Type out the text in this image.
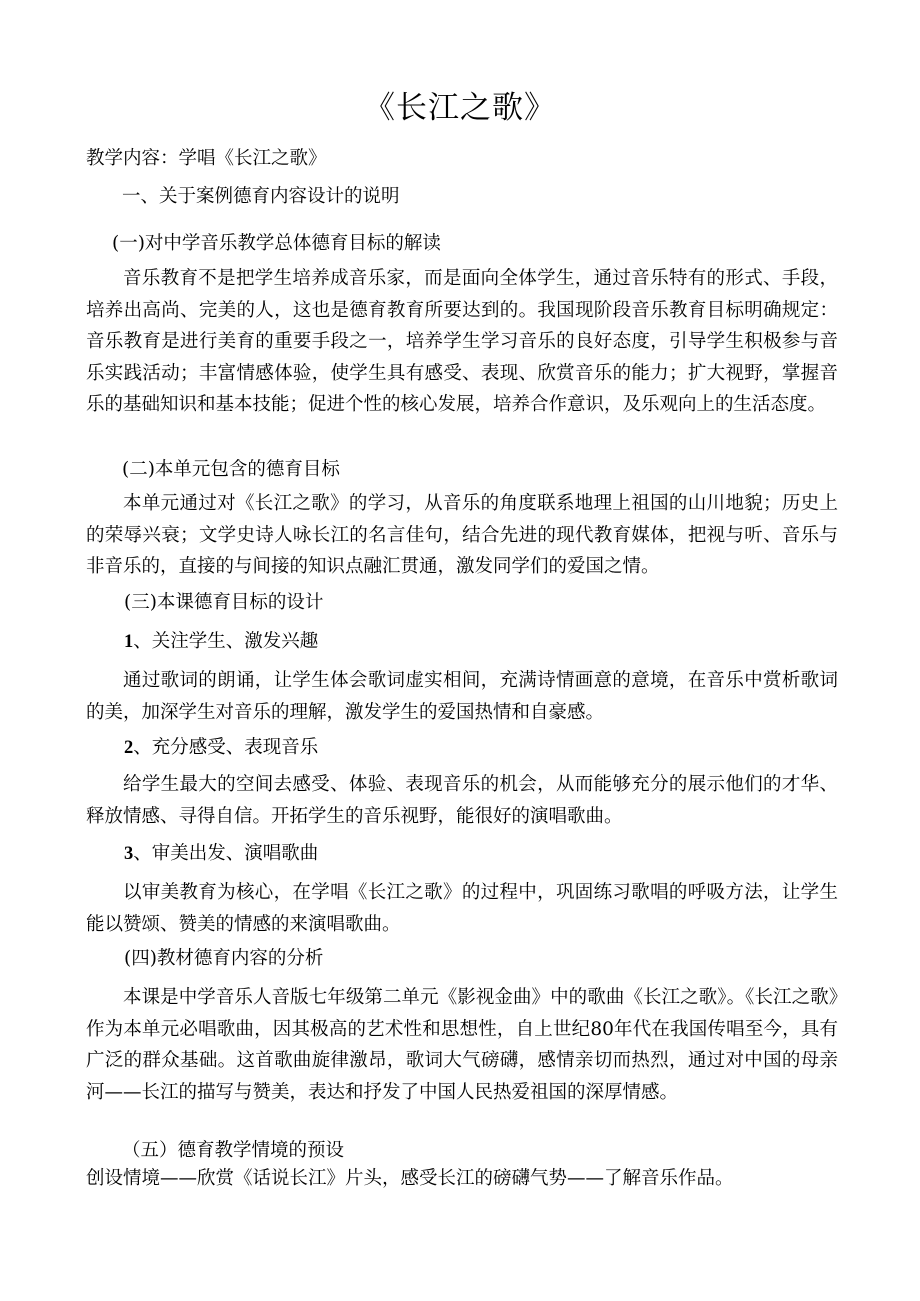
《长江之歌》
教学内容：学唱《长江之歌》
一、关于案例德育内容设计的说明
(一)对中学音乐教学总体德育目标的解读
音乐教育不是把学生培养成音乐家，而是面向全体学生，通过音乐特有的形式、手段，培养出高尚、完美的人，这也是德育教育所要达到的。我国现阶段音乐教育目标明确规定：音乐教育是进行美育的重要手段之一，培养学生学习音乐的良好态度，引导学生积极参与音乐实践活动；丰富情感体验，使学生具有感受、表现、欣赏音乐的能力；扩大视野，掌握音乐的基础知识和基本技能；促进个性的核心发展，培养合作意识，及乐观向上的生活态度。
(二)本单元包含的德育目标
本单元通过对《长江之歌》的学习，从音乐的角度联系地理上祖国的山川地貌；历史上的荣辱兴衰；文学史诗人咏长江的名言佳句，结合先进的现代教育媒体，把视与听、音乐与非音乐的，直接的与间接的知识点融汇贯通，激发同学们的爱国之情。
(三)本课德育目标的设计
1、关注学生、激发兴趣
通过歌词的朗诵，让学生体会歌词虚实相间，充满诗情画意的意境，在音乐中赏析歌词的美，加深学生对音乐的理解，激发学生的爱国热情和自豪感。
2、充分感受、表现音乐
给学生最大的空间去感受、体验、表现音乐的机会，从而能够充分的展示他们的才华、释放情感、寻得自信。开拓学生的音乐视野，能很好的演唱歌曲。
3、审美出发、演唱歌曲
以审美教育为核心，在学唱《长江之歌》的过程中，巩固练习歌唱的呼吸方法，让学生能以赞颂、赞美的情感的来演唱歌曲。
(四)教材德育内容的分析
本课是中学音乐人音版七年级第二单元《影视金曲》中的歌曲《长江之歌》。《长江之歌》作为本单元必唱歌曲，因其极高的艺术性和思想性，自上世纪80年代在我国传唱至今，具有广泛的群众基础。这首歌曲旋律激昂，歌词大气磅礴，感情亲切而热烈，通过对中国的母亲河——长江的描写与赞美，表达和抒发了中国人民热爱祖国的深厚情感。
（五）德育教学情境的预设
创设情境——欣赏《话说长江》片头，感受长江的磅礴气势——了解音乐作品。
